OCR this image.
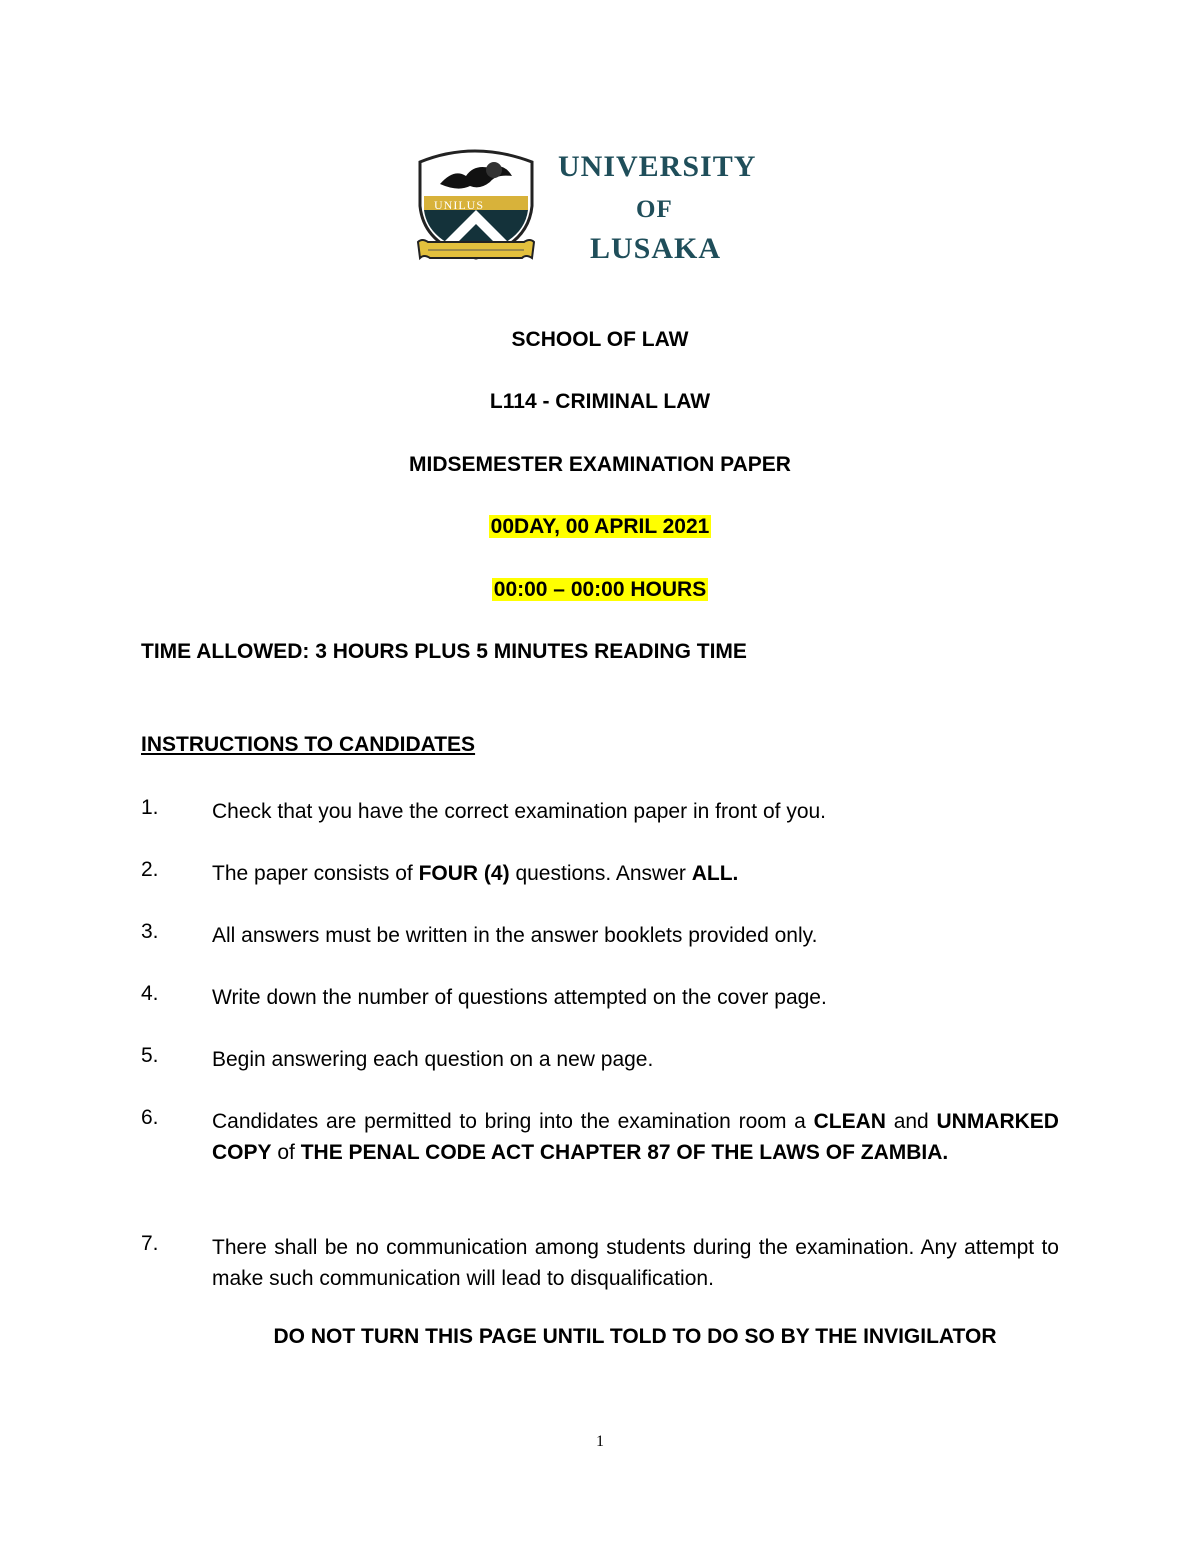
UNILUS
UNIVERSITY
OF
LUSAKA
SCHOOL OF LAW
L114 - CRIMINAL LAW
MIDSEMESTER EXAMINATION PAPER
00DAY, 00 APRIL 2021
00:00 – 00:00 HOURS
TIME ALLOWED: 3 HOURS PLUS 5 MINUTES READING TIME
INSTRUCTIONS TO CANDIDATES
1.	Check that you have the correct examination paper in front of you.
2.	The paper consists of FOUR (4) questions. Answer ALL.
3.	All answers must be written in the answer booklets provided only.
4.	Write down the number of questions attempted on the cover page.
5.	Begin answering each question on a new page.
6.	Candidates are permitted to bring into the examination room a CLEAN and UNMARKED COPY of THE PENAL CODE ACT CHAPTER 87 OF THE LAWS OF ZAMBIA.
7.	There shall be no communication among students during the examination. Any attempt to make such communication will lead to disqualification.
DO NOT TURN THIS PAGE UNTIL TOLD TO DO SO BY THE INVIGILATOR
1
